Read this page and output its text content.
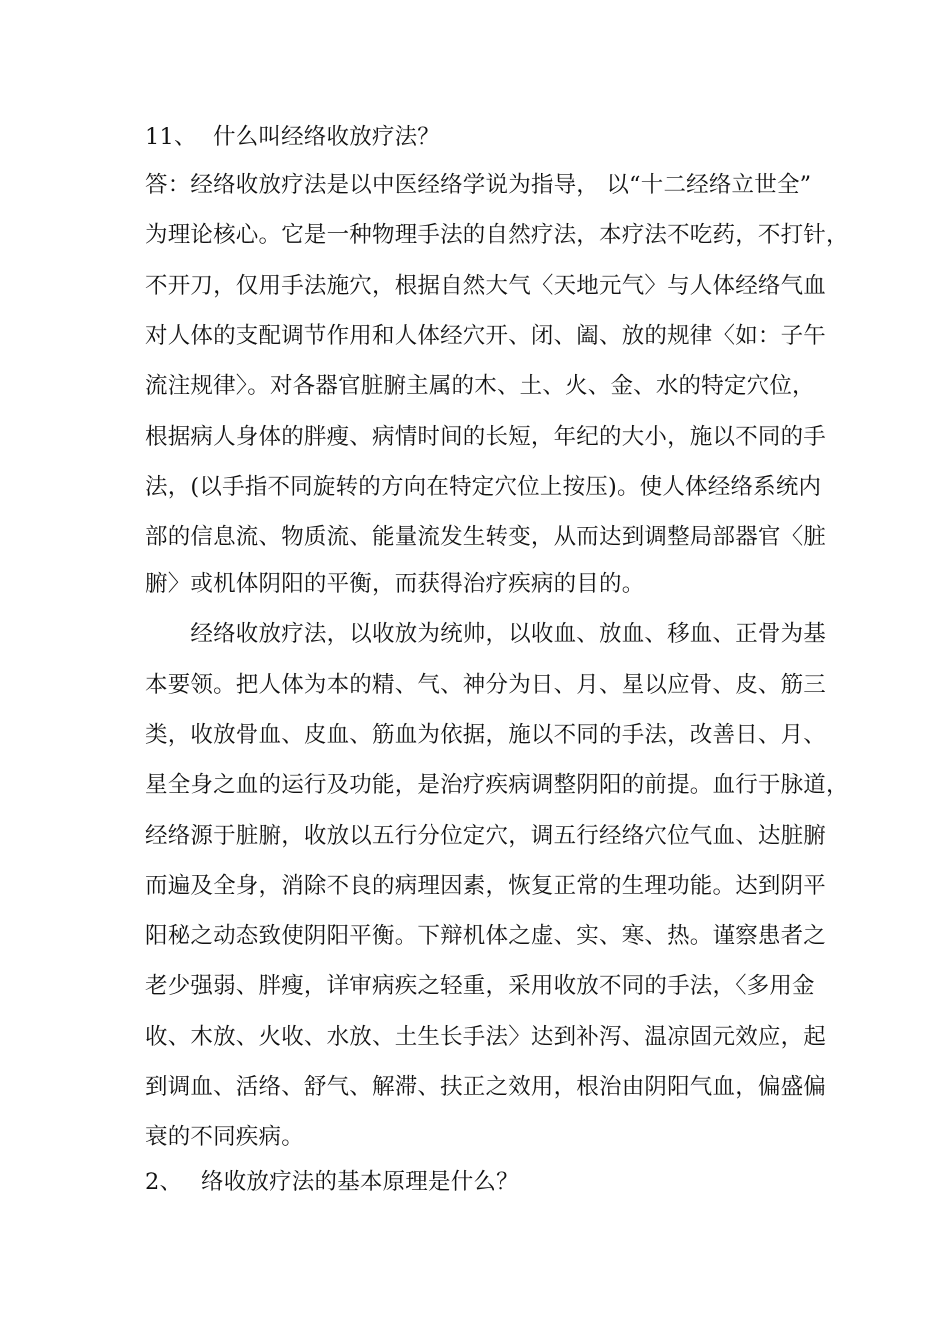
11、 什么叫经络收放疗法？
答：经络收放疗法是以中医经络学说为指导， 以“十二经络立世全”
为理论核心。它是一种物理手法的自然疗法，本疗法不吃药，不打针，
不开刀，仅用手法施穴，根据自然大气〈天地元气〉与人体经络气血
对人体的支配调节作用和人体经穴开、闭、阖、放的规律〈如：子午
流注规律〉。对各器官脏腑主属的木、土、火、金、水的特定穴位，
根据病人身体的胖瘦、病情时间的长短，年纪的大小，施以不同的手
法，(以手指不同旋转的方向在特定穴位上按压)。使人体经络系统内
部的信息流、物质流、能量流发生转变，从而达到调整局部器官〈脏
腑〉或机体阴阳的平衡，而获得治疗疾病的目的。
　　经络收放疗法，以收放为统帅，以收血、放血、移血、正骨为基
本要领。把人体为本的精、气、神分为日、月、星以应骨、皮、筋三
类，收放骨血、皮血、筋血为依据，施以不同的手法，改善日、月、
星全身之血的运行及功能，是治疗疾病调整阴阳的前提。血行于脉道，
经络源于脏腑，收放以五行分位定穴，调五行经络穴位气血、达脏腑
而遍及全身，消除不良的病理因素，恢复正常的生理功能。达到阴平
阳秘之动态致使阴阳平衡。下辩机体之虚、实、寒、热。谨察患者之
老少强弱、胖瘦，详审病疾之轻重，采用收放不同的手法，〈多用金
收、木放、火收、水放、土生长手法〉达到补泻、温凉固元效应，起
到调血、活络、舒气、解滞、扶正之效用，根治由阴阳气血，偏盛偏
衰的不同疾病。
2、 络收放疗法的基本原理是什么？
